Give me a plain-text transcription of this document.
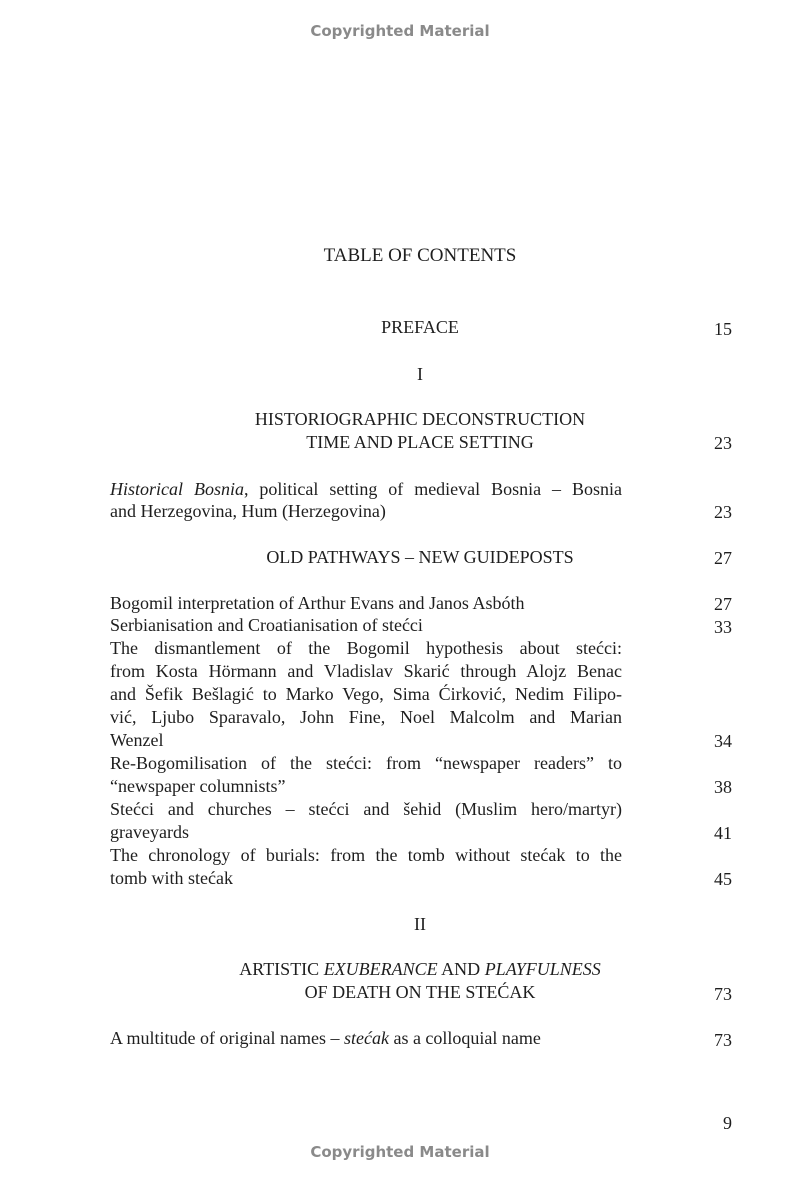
Copyrighted Material
TABLE OF CONTENTS
PREFACE	15
I
HISTORIOGRAPHIC DECONSTRUCTION
TIME AND PLACE SETTING	23
Historical Bosnia, political setting of medieval Bosnia – Bosnia
and Herzegovina, Hum (Herzegovina)	23
OLD PATHWAYS – NEW GUIDEPOSTS	27
Bogomil interpretation of Arthur Evans and Janos Asbóth	27
Serbianisation and Croatianisation of stećci	33
The dismantlement of the Bogomil hypothesis about stećci:
from Kosta Hörmann and Vladislav Skarić through Alojz Benac
and Šefik Bešlagić to Marko Vego, Sima Ćirković, Nedim Filipo-
vić, Ljubo Sparavalo, John Fine, Noel Malcolm and Marian
Wenzel	34
Re-Bogomilisation of the stećci: from “newspaper readers” to
“newspaper columnists”	38
Stećci and churches – stećci and šehid (Muslim hero/martyr)
graveyards	41
The chronology of burials: from the tomb without stećak to the
tomb with stećak	45
II
ARTISTIC EXUBERANCE AND PLAYFULNESS
OF DEATH ON THE STEĆAK	73
A multitude of original names – stećak as a colloquial name	73
9
Copyrighted Material
